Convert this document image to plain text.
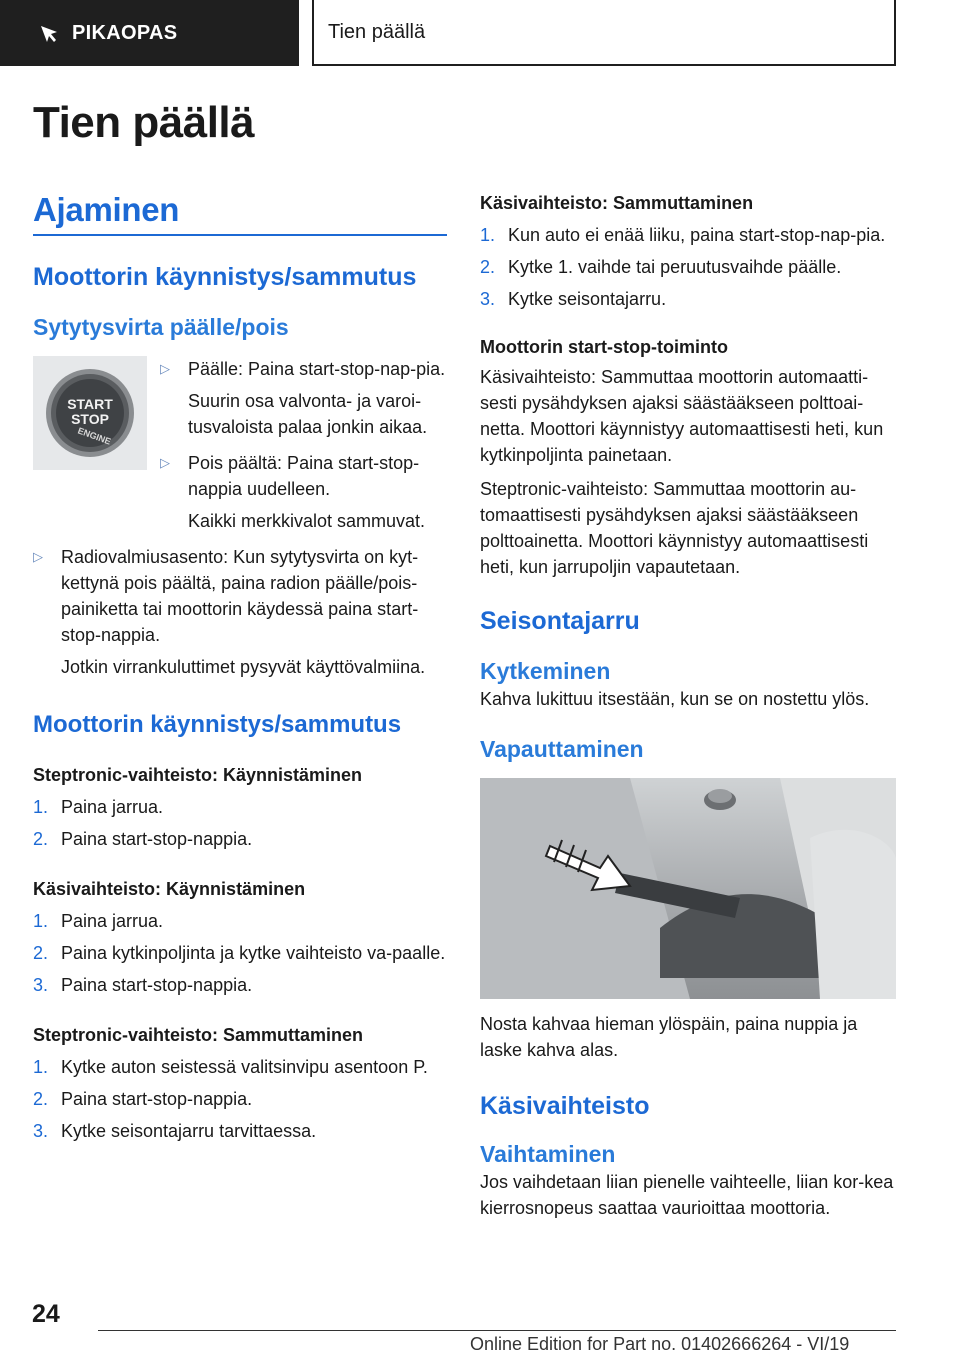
PIKAOPAS	Tien päällä
Tien päällä
Ajaminen
Moottorin käynnistys/sammutus
Sytytysvirta päälle/pois
START
STOP
ENGINE
▷ Päälle: Paina start-stop-nap-pia.
Suurin osa valvonta- ja varoi-tusvaloista palaa jonkin aikaa.
▷ Pois päältä: Paina start-stop-nappia uudelleen.
Kaikki merkkivalot sammuvat.
▷ Radiovalmiusasento: Kun sytytysvirta on kyt-kettynä pois päältä, paina radion päälle/pois-painiketta tai moottorin käydessä paina start-stop-nappia.
Jotkin virrankuluttimet pysyvät käyttövalmiina.
Moottorin käynnistys/sammutus
Steptronic-vaihteisto: Käynnistäminen
1. Paina jarrua.
2. Paina start-stop-nappia.
Käsivaihteisto: Käynnistäminen
1. Paina jarrua.
2. Paina kytkinpoljinta ja kytke vaihteisto va-paalle.
3. Paina start-stop-nappia.
Steptronic-vaihteisto: Sammuttaminen
1. Kytke auton seistessä valitsinvipu asentoon P.
2. Paina start-stop-nappia.
3. Kytke seisontajarru tarvittaessa.
Käsivaihteisto: Sammuttaminen
1. Kun auto ei enää liiku, paina start-stop-nap-pia.
2. Kytke 1. vaihde tai peruutusvaihde päälle.
3. Kytke seisontajarru.
Moottorin start-stop-toiminto

Käsivaihteisto: Sammuttaa moottorin automaatti-sesti pysähdyksen ajaksi säästääkseen polttoai-netta. Moottori käynnistyy automaattisesti heti, kun kytkinpoljinta painetaan.

Steptronic-vaihteisto: Sammuttaa moottorin au-tomaattisesti pysähdyksen ajaksi säästääkseen polttoainetta. Moottori käynnistyy automaattisesti heti, kun jarrupoljin vapautetaan.

Seisontajarru
Kytkeminen

Kahva lukittuu itsestään, kun se on nostettu ylös.

Vapauttaminen

Nosta kahvaa hieman ylöspäin, paina nuppia ja laske kahva alas.

Käsivaihteisto
Vaihtaminen

Jos vaihdetaan liian pienelle vaihteelle, liian kor-kea kierrosnopeus saattaa vaurioittaa moottoria.

24
Online Edition for Part no. 01402666264 - VI/19
